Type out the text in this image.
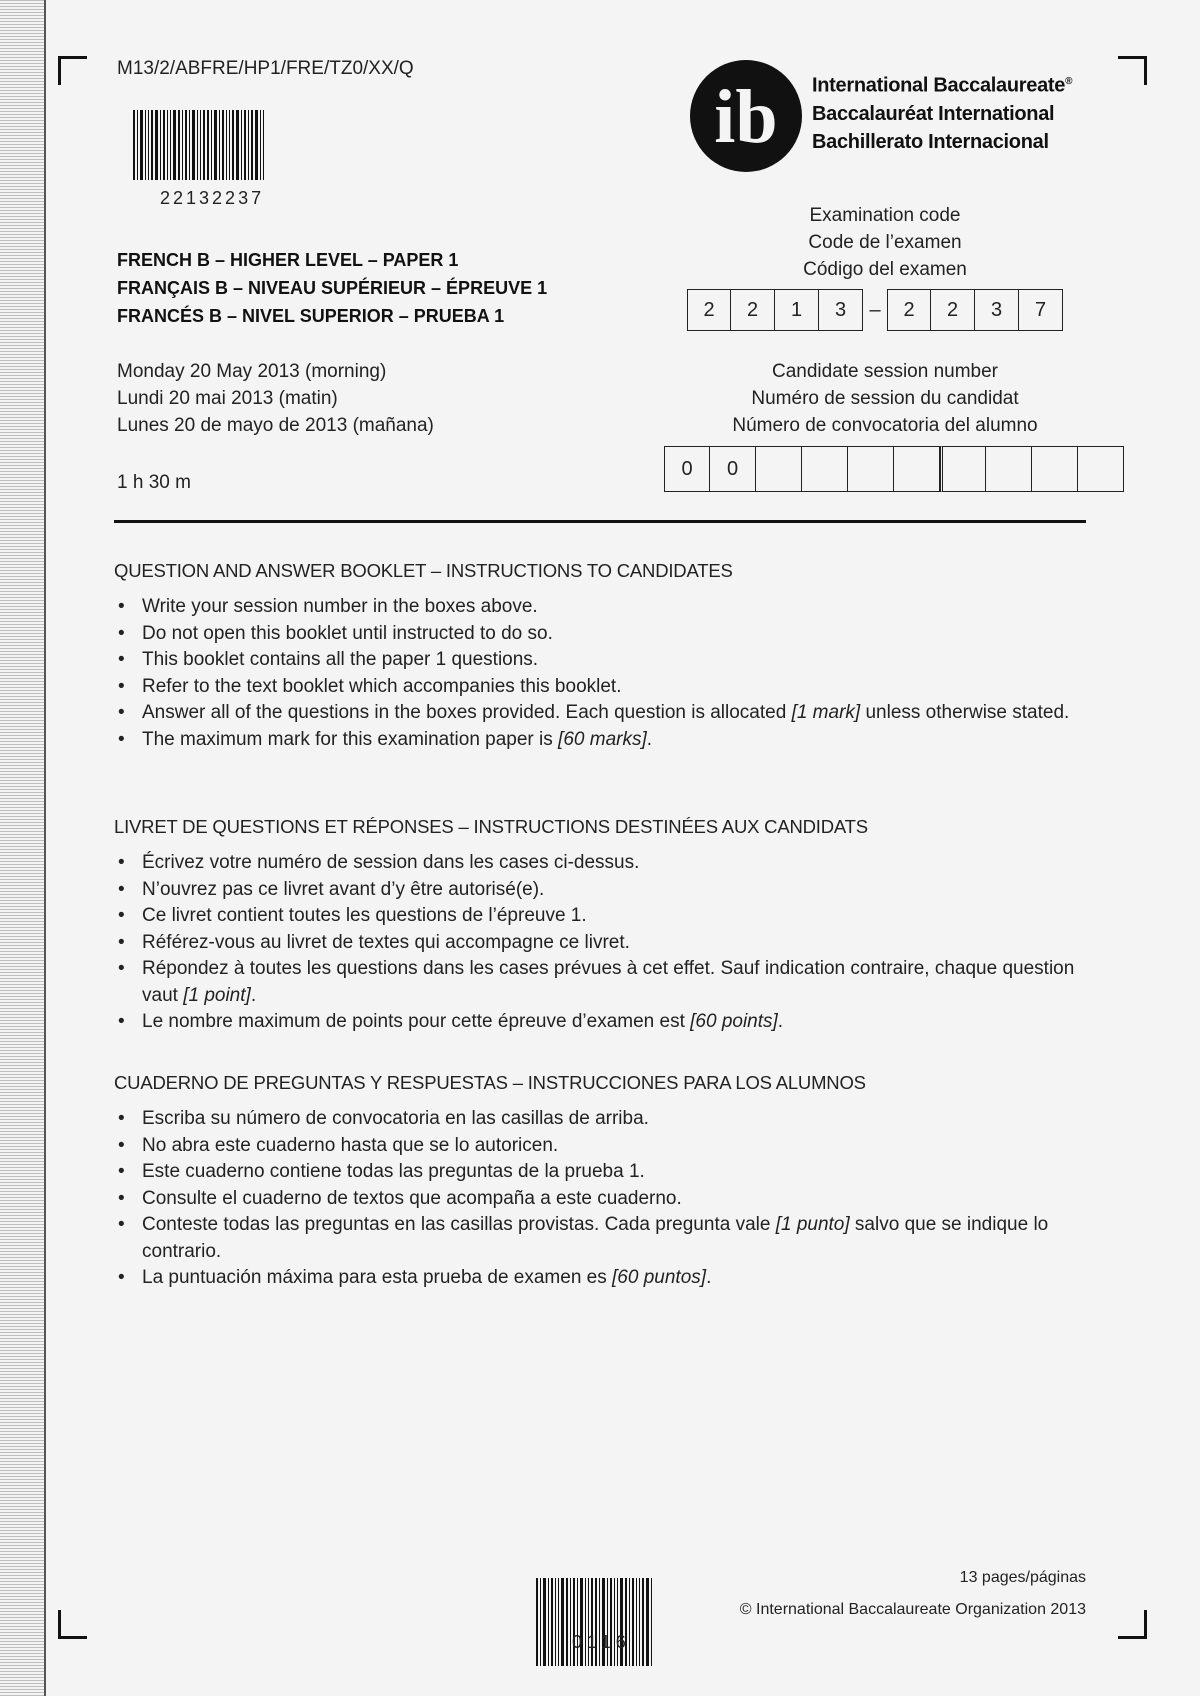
M13/2/ABFRE/HP1/FRE/TZ0/XX/Q
22132237
ib International Baccalaureate®
Baccalauréat International
Bachillerato Internacional
FRENCH B – HIGHER LEVEL – PAPER 1
FRANÇAIS B – NIVEAU SUPÉRIEUR – ÉPREUVE 1
FRANCÉS B – NIVEL SUPERIOR – PRUEBA 1
Monday 20 May 2013 (morning)
Lundi 20 mai 2013 (matin)
Lunes 20 de mayo de 2013 (mañana)
1 h 30 m
Examination code
Code de l’examen
Código del examen
2	2	1	3	–	2	2	3	7
Candidate session number
Numéro de session du candidat
Número de convocatoria del alumno
0	0
QUESTION AND ANSWER BOOKLET – INSTRUCTIONS TO CANDIDATES
• Write your session number in the boxes above.
• Do not open this booklet until instructed to do so.
• This booklet contains all the paper 1 questions.
• Refer to the text booklet which accompanies this booklet.
• Answer all of the questions in the boxes provided. Each question is allocated [1 mark] unless otherwise stated.
• The maximum mark for this examination paper is [60 marks].
LIVRET DE QUESTIONS ET RÉPONSES – INSTRUCTIONS DESTINÉES AUX CANDIDATS
• Écrivez votre numéro de session dans les cases ci-dessus.
• N’ouvrez pas ce livret avant d’y être autorisé(e).
• Ce livret contient toutes les questions de l’épreuve 1.
• Référez-vous au livret de textes qui accompagne ce livret.
• Répondez à toutes les questions dans les cases prévues à cet effet. Sauf indication contraire, chaque question vaut [1 point].
• Le nombre maximum de points pour cette épreuve d’examen est [60 points].
CUADERNO DE PREGUNTAS Y RESPUESTAS – INSTRUCCIONES PARA LOS ALUMNOS
• Escriba su número de convocatoria en las casillas de arriba.
• No abra este cuaderno hasta que se lo autoricen.
• Este cuaderno contiene todas las preguntas de la prueba 1.
• Consulte el cuaderno de textos que acompaña a este cuaderno.
• Conteste todas las preguntas en las casillas provistas. Cada pregunta vale [1 punto] salvo que se indique lo contrario.
• La puntuación máxima para esta prueba de examen es [60 puntos].
0116
13 pages/páginas
© International Baccalaureate Organization 2013
